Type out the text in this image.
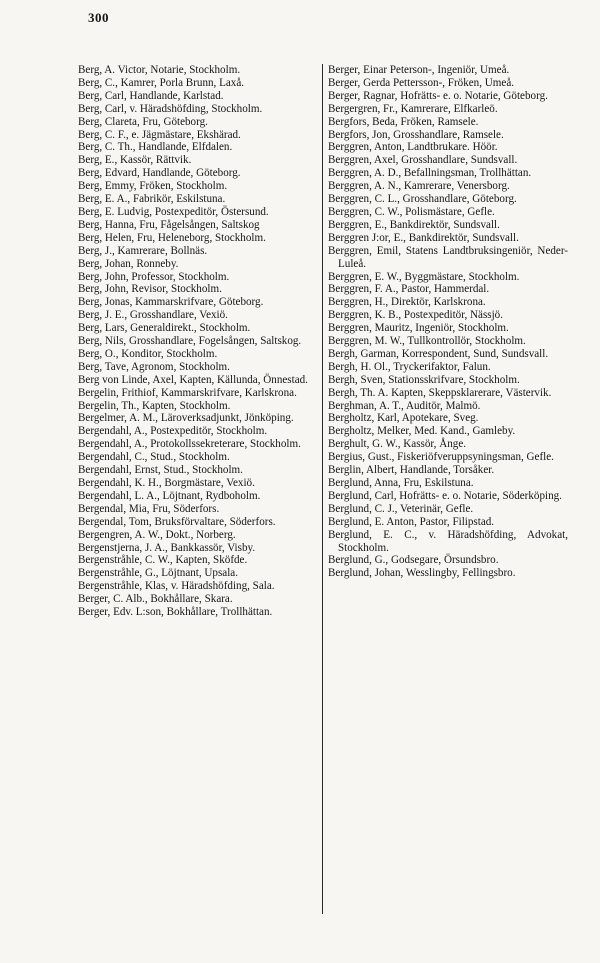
300
Berg, A. Victor, Notarie, Stockholm.
Berg, C., Kamrer, Porla Brunn, Laxå.
Berg, Carl, Handlande, Karlstad.
Berg, Carl, v. Häradshöfding, Stockholm.
Berg, Clareta, Fru, Göteborg.
Berg, C. F., e. Jägmästare, Ekshärad.
Berg, C. Th., Handlande, Elfdalen.
Berg, E., Kassör, Rättvik.
Berg, Edvard, Handlande, Göteborg.
Berg, Emmy, Fröken, Stockholm.
Berg, E. A., Fabrikör, Eskilstuna.
Berg, E. Ludvig, Postexpeditör, Östersund.
Berg, Hanna, Fru, Fågelsången, Saltskog
Berg, Helen, Fru, Heleneborg, Stockholm.
Berg, J., Kamrerare, Bollnäs.
Berg, Johan, Ronneby.
Berg, John, Professor, Stockholm.
Berg, John, Revisor, Stockholm.
Berg, Jonas, Kammarskrifvare, Göteborg.
Berg, J. E., Grosshandlare, Vexiö.
Berg, Lars, Generaldirekt., Stockholm.
Berg, Nils, Grosshandlare, Fogelsången, Saltskog.
Berg, O., Konditor, Stockholm.
Berg, Tave, Agronom, Stockholm.
Berg von Linde, Axel, Kapten, Källunda, Önnestad.
Bergelin, Frithiof, Kammarskrifvare, Karlskrona.
Bergelin, Th., Kapten, Stockholm.
Bergelmer, A. M., Läroverksadjunkt, Jönköping.
Bergendahl, A., Postexpeditör, Stockholm.
Bergendahl, A., Protokollssekreterare, Stockholm.
Bergendahl, C., Stud., Stockholm.
Bergendahl, Ernst, Stud., Stockholm.
Bergendahl, K. H., Borgmästare, Vexiö.
Bergendahl, L. A., Löjtnant, Rydboholm.
Bergendal, Mia, Fru, Söderfors.
Bergendal, Tom, Bruksförvaltare, Söderfors.
Bergengren, A. W., Dokt., Norberg.
Bergenstjerna, J. A., Bankkassör, Visby.
Bergenstråhle, C. W., Kapten, Sköfde.
Bergenstråhle, G., Löjtnant, Upsala.
Bergenstråhle, Klas, v. Häradshöfding, Sala.
Berger, C. Alb., Bokhållare, Skara.
Berger, Edv. L:son, Bokhållare, Trollhättan.
Berger, Einar Peterson-, Ingeniör, Umeå.
Berger, Gerda Pettersson-, Fröken, Umeå.
Berger, Ragnar, Hofrätts- e. o. Notarie, Göteborg.
Bergergren, Fr., Kamrerare, Elfkarleö.
Bergfors, Beda, Fröken, Ramsele.
Bergfors, Jon, Grosshandlare, Ramsele.
Berggren, Anton, Landtbrukare. Höör.
Berggren, Axel, Grosshandlare, Sundsvall.
Berggren, A. D., Befallningsman, Trollhättan.
Berggren, A. N., Kamrerare, Venersborg.
Berggren, C. L., Grosshandlare, Göteborg.
Berggren, C. W., Polismästare, Gefle.
Berggren, E., Bankdirektör, Sundsvall.
Berggren J:or, E., Bankdirektör, Sundsvall.
Berggren, Emil, Statens Landtbruksingeniör, Neder-Luleå.
Berggren, E. W., Byggmästare, Stockholm.
Berggren, F. A., Pastor, Hammerdal.
Berggren, H., Direktör, Karlskrona.
Berggren, K. B., Postexpeditör, Nässjö.
Berggren, Mauritz, Ingeniör, Stockholm.
Berggren, M. W., Tullkontrollör, Stockholm.
Bergh, Garman, Korrespondent, Sund, Sundsvall.
Bergh, H. Ol., Tryckerifaktor, Falun.
Bergh, Sven, Stationsskrifvare, Stockholm.
Bergh, Th. A. Kapten, Skeppsklarerare, Västervik.
Berghman, A. T., Auditör, Malmö.
Bergholtz, Karl, Apotekare, Sveg.
Bergholtz, Melker, Med. Kand., Gamleby.
Berghult, G. W., Kassör, Ånge.
Bergius, Gust., Fiskeriöfveruppsyningsman, Gefle.
Berglin, Albert, Handlande, Torsåker.
Berglund, Anna, Fru, Eskilstuna.
Berglund, Carl, Hofrätts- e. o. Notarie, Söderköping.
Berglund, C. J., Veterinär, Gefle.
Berglund, E. Anton, Pastor, Filipstad.
Berglund, E. C., v. Häradshöfding, Advokat, Stockholm.
Berglund, G., Godsegare, Örsundsbro.
Berglund, Johan, Wesslingby, Fellingsbro.
